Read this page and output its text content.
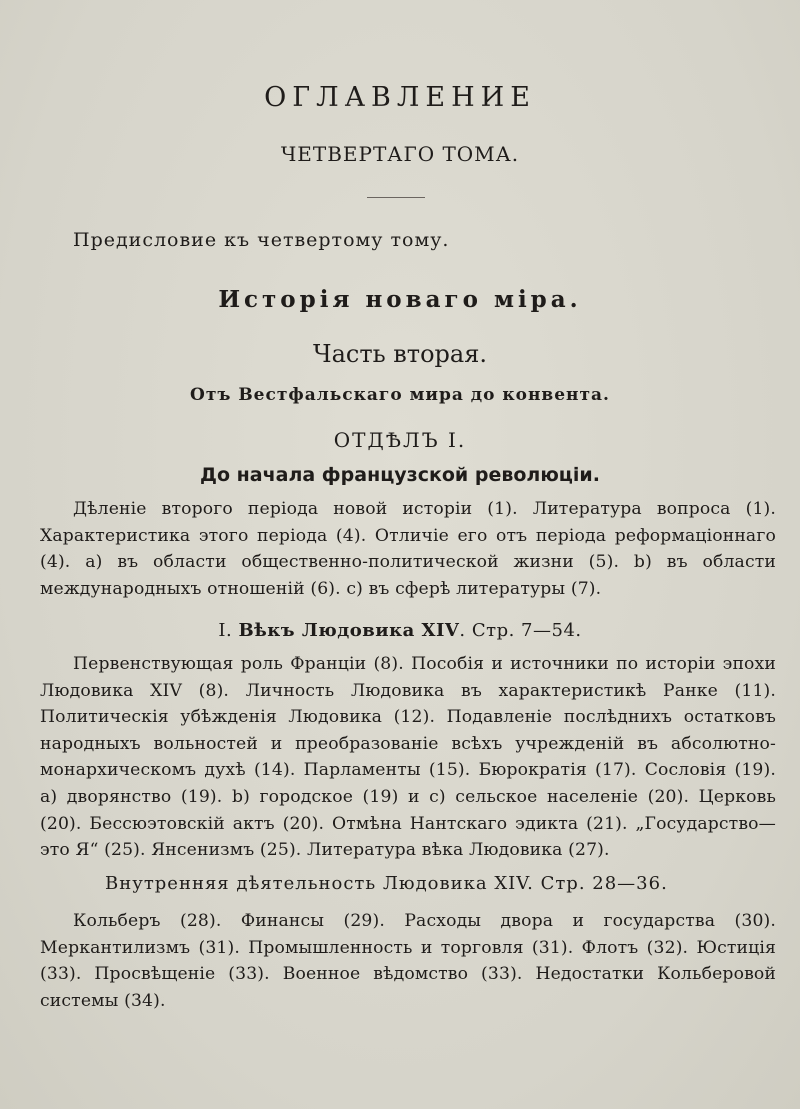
ОГЛАВЛЕНИЕ
ЧЕТВЕРТАГО ТОМА.
Предисловие къ четвертому тому.
Исторія новаго міра.
Часть вторая.
Отъ Вестфальскаго мира до конвента.
ОТДѢЛЪ I.
До начала французской революціи.

Дѣленіе второго періода новой исторіи (1). Литература вопроса (1). Характеристика этого періода (4). Отличіе его отъ періода реформаціоннаго (4). а) въ области общественно-политической жизни (5). b) въ области международныхъ отношеній (6). с) въ сферѣ литературы (7).

I. Вѣкъ Людовика XIV. Стр. 7—54.

Первенствующая роль Франціи (8). Пособія и источники по исторіи эпохи Людовика XIV (8). Личность Людовика въ характеристикѣ Ранке (11). Политическія убѣжденія Людовика (12). Подавленіе послѣднихъ остатковъ народныхъ вольностей и преобразованіе всѣхъ учрежденій въ абсолютно-монархическомъ духѣ (14). Парламенты (15). Бюрократія (17). Сословія (19). а) дворянство (19). b) городское (19) и с) сельское населеніе (20). Церковь (20). Бессюэтовскій актъ (20). Отмѣна Нантскаго эдикта (21). „Государство—это Я“ (25). Янсенизмъ (25). Литература вѣка Людовика (27).

Внутренняя дѣятельность Людовика XIV. Стр. 28—36.

Кольберъ (28). Финансы (29). Расходы двора и государства (30). Меркантилизмъ (31). Промышленность и торговля (31). Флотъ (32). Юстиція (33). Просвѣщеніе (33). Военное вѣдомство (33). Недостатки Кольберовой системы (34).
